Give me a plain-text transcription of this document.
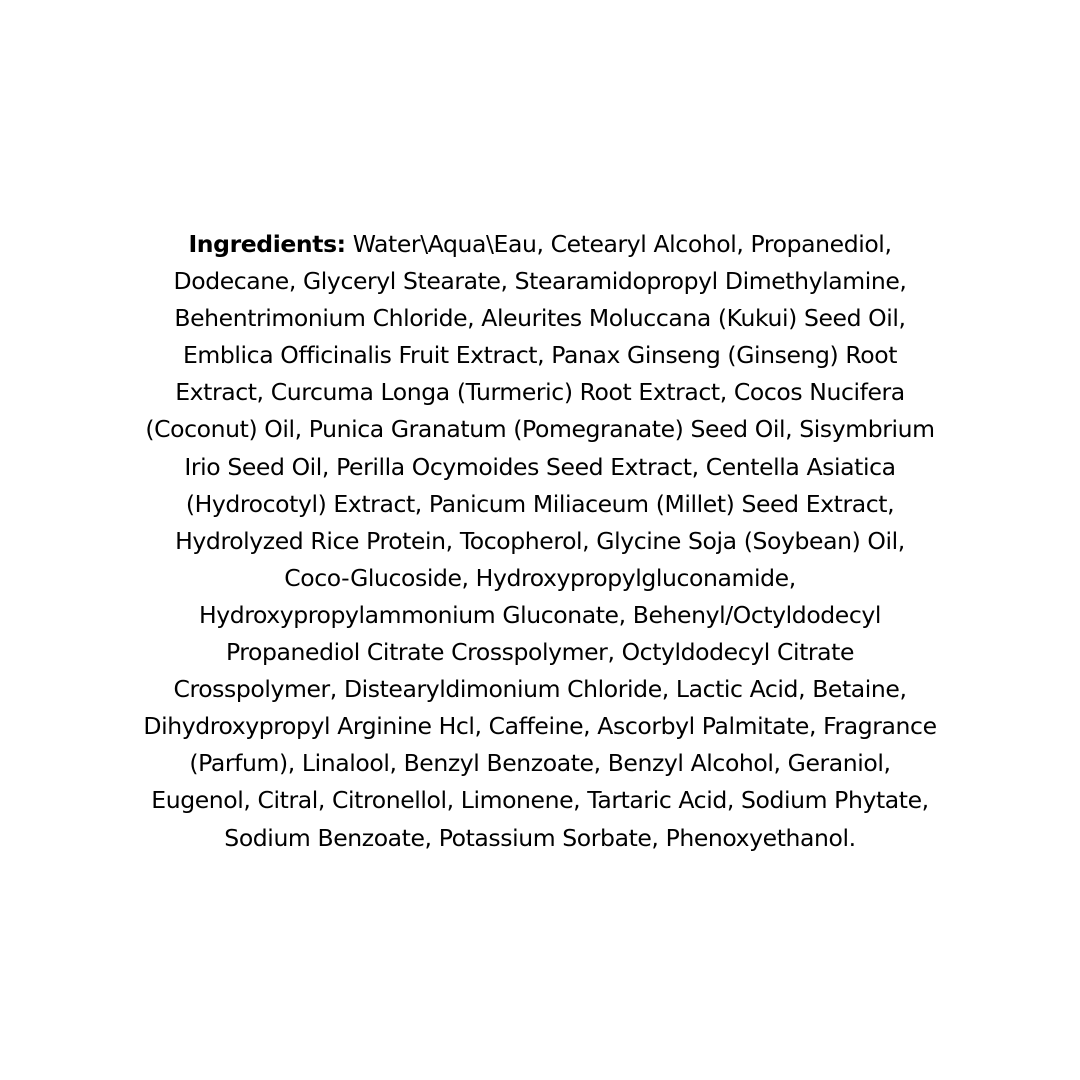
Ingredients: Water\Aqua\Eau, Cetearyl Alcohol, Propanediol,
Dodecane, Glyceryl Stearate, Stearamidopropyl Dimethylamine,
Behentrimonium Chloride, Aleurites Moluccana (Kukui) Seed Oil,
Emblica Officinalis Fruit Extract, Panax Ginseng (Ginseng) Root
Extract, Curcuma Longa (Turmeric) Root Extract, Cocos Nucifera
(Coconut) Oil, Punica Granatum (Pomegranate) Seed Oil, Sisymbrium
Irio Seed Oil, Perilla Ocymoides Seed Extract, Centella Asiatica
(Hydrocotyl) Extract, Panicum Miliaceum (Millet) Seed Extract,
Hydrolyzed Rice Protein, Tocopherol, Glycine Soja (Soybean) Oil,
Coco-Glucoside, Hydroxypropylgluconamide,
Hydroxypropylammonium Gluconate, Behenyl/Octyldodecyl
Propanediol Citrate Crosspolymer, Octyldodecyl Citrate
Crosspolymer, Distearyldimonium Chloride, Lactic Acid, Betaine,
Dihydroxypropyl Arginine Hcl, Caffeine, Ascorbyl Palmitate, Fragrance
(Parfum), Linalool, Benzyl Benzoate, Benzyl Alcohol, Geraniol,
Eugenol, Citral, Citronellol, Limonene, Tartaric Acid, Sodium Phytate,
Sodium Benzoate, Potassium Sorbate, Phenoxyethanol.
